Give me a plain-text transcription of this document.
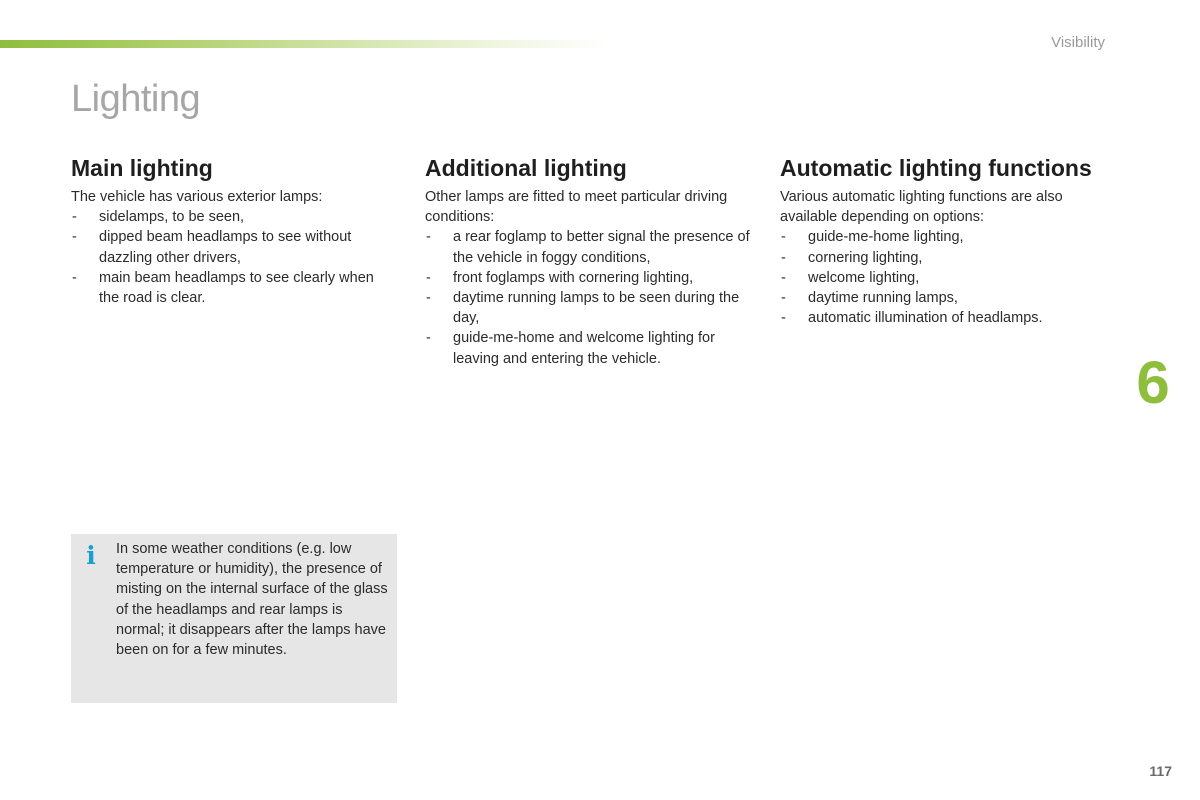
Visibility
Lighting
Main lighting

The vehicle has various exterior lamps:

- sidelamps, to be seen,
- dipped beam headlamps to see without dazzling other drivers,
- main beam headlamps to see clearly when the road is clear.
Additional lighting

Other lamps are fitted to meet particular driving conditions:

- a rear foglamp to better signal the presence of the vehicle in foggy conditions,
- front foglamps with cornering lighting,
- daytime running lamps to be seen during the day,
- guide-me-home and welcome lighting for leaving and entering the vehicle.
Automatic lighting functions

Various automatic lighting functions are also available depending on options:

- guide-me-home lighting,
- cornering lighting,
- welcome lighting,
- daytime running lamps,
- automatic illumination of headlamps.
i In some weather conditions (e.g. low temperature or humidity), the presence of misting on the internal surface of the glass of the headlamps and rear lamps is normal; it disappears after the lamps have been on for a few minutes.

6
117
